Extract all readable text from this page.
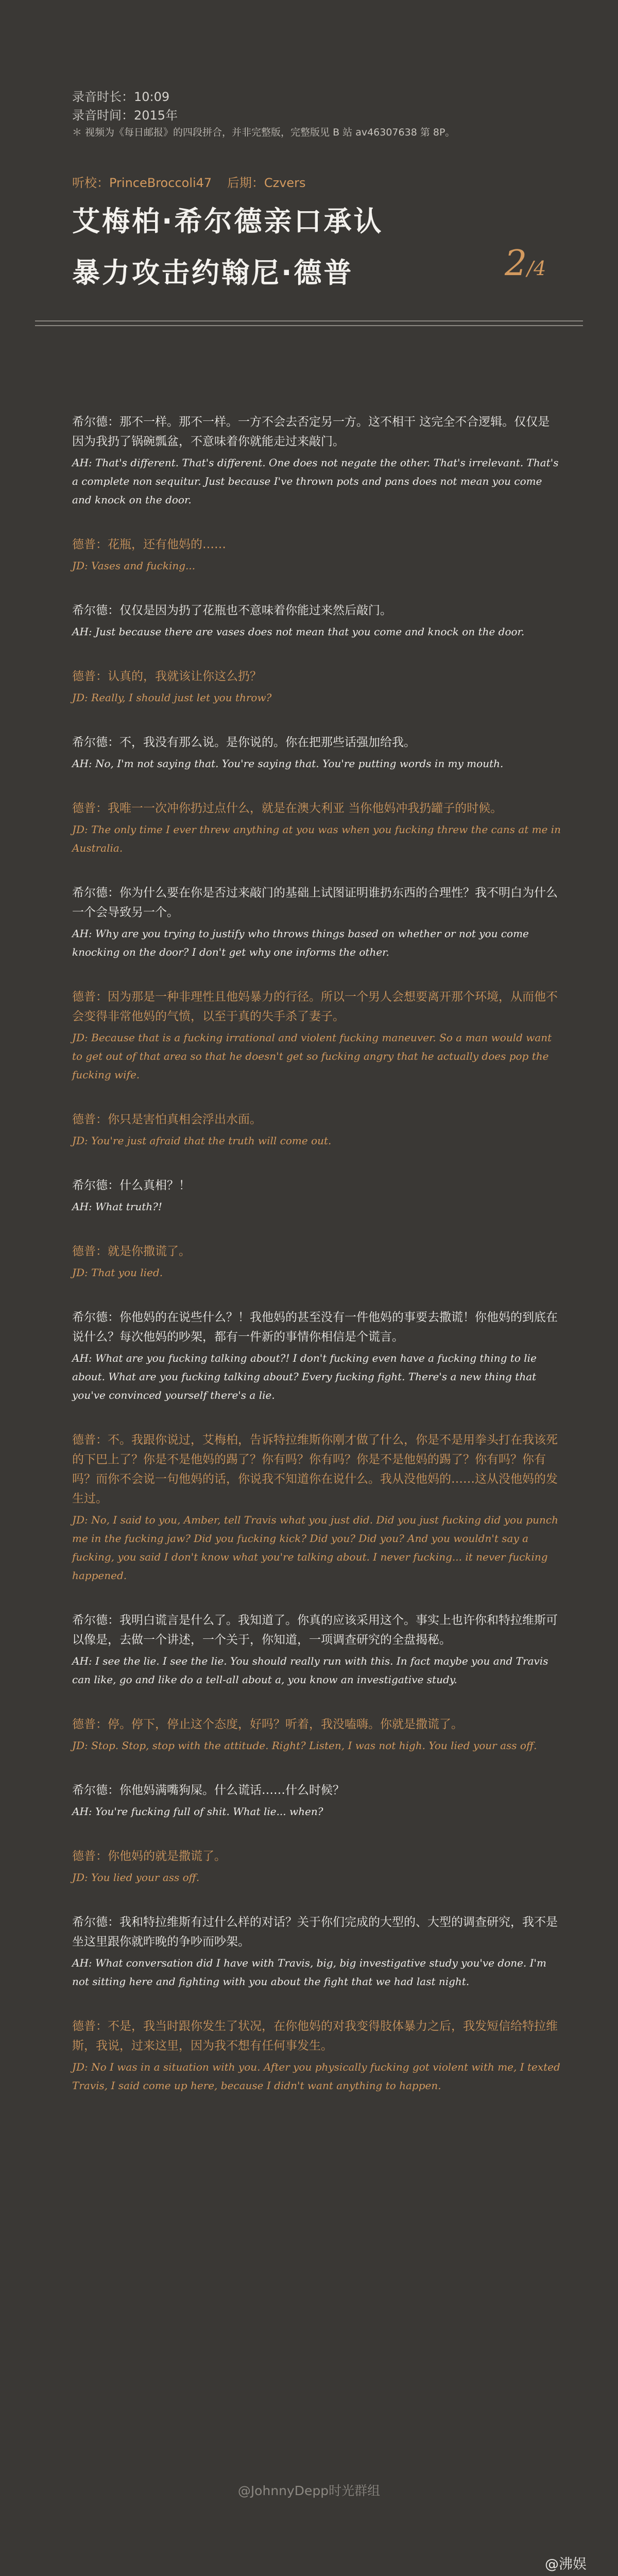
录音时长：10:09
录音时间：2015年
＊ 视频为《每日邮报》的四段拼合，并非完整版，完整版见 B 站 av46307638 第 8P。
听校：PrinceBroccoli47 后期：Czvers
艾梅柏·希尔德亲口承认
暴力攻击约翰尼·德普	2/4

希尔德：那不一样。那不一样。一方不会去否定另一方。这不相干 这完全不合逻辑。仅仅是因为我扔了锅碗瓢盆，不意味着你就能走过来敲门。

AH: That's different. That's different. One does not negate the other. That's irrelevant. That's a complete non sequitur. Just because I've thrown pots and pans does not mean you come and knock on the door.

德普：花瓶，还有他妈的……

JD: Vases and fucking...

希尔德：仅仅是因为扔了花瓶也不意味着你能过来然后敲门。

AH: Just because there are vases does not mean that you come and knock on the door.

德普：认真的，我就该让你这么扔？

JD: Really, I should just let you throw?

希尔德：不，我没有那么说。是你说的。你在把那些话强加给我。

AH: No, I'm not saying that. You're saying that. You're putting words in my mouth.

德普：我唯一一次冲你扔过点什么，就是在澳大利亚 当你他妈冲我扔罐子的时候。

JD: The only time I ever threw anything at you was when you fucking threw the cans at me in Australia.

希尔德：你为什么要在你是否过来敲门的基础上试图证明谁扔东西的合理性？我不明白为什么一个会导致另一个。

AH: Why are you trying to justify who throws things based on whether or not you come knocking on the door? I don't get why one informs the other.

德普：因为那是一种非理性且他妈暴力的行径。所以一个男人会想要离开那个环境，从而他不会变得非常他妈的气愤，以至于真的失手杀了妻子。

JD: Because that is a fucking irrational and violent fucking maneuver. So a man would want to get out of that area so that he doesn't get so fucking angry that he actually does pop the fucking wife.

德普：你只是害怕真相会浮出水面。

JD: You're just afraid that the truth will come out.

希尔德：什么真相？！

AH: What truth?!

德普：就是你撒谎了。

JD: That you lied.

希尔德：你他妈的在说些什么？！我他妈的甚至没有一件他妈的事要去撒谎！你他妈的到底在说什么？每次他妈的吵架，都有一件新的事情你相信是个谎言。

AH: What are you fucking talking about?! I don't fucking even have a fucking thing to lie about. What are you fucking talking about? Every fucking fight. There's a new thing that you've convinced yourself there's a lie.

德普：不。我跟你说过，艾梅柏，告诉特拉维斯你刚才做了什么，你是不是用拳头打在我该死的下巴上了？你是不是他妈的踢了？你有吗？你有吗？你是不是他妈的踢了？你有吗？你有吗？而你不会说一句他妈的话，你说我不知道你在说什么。我从没他妈的……这从没他妈的发生过。

JD: No, I said to you, Amber, tell Travis what you just did. Did you just fucking did you punch me in the fucking jaw? Did you fucking kick? Did you? Did you? And you wouldn't say a fucking, you said I don't know what you're talking about. I never fucking... it never fucking happened.

希尔德：我明白谎言是什么了。我知道了。你真的应该采用这个。事实上也许你和特拉维斯可以像是，去做一个讲述，一个关于，你知道，一项调查研究的全盘揭秘。

AH: I see the lie. I see the lie. You should really run with this. In fact maybe you and Travis can like, go and like do a tell-all about a, you know an investigative study.

德普：停。停下，停止这个态度，好吗？听着，我没嗑嗨。你就是撒谎了。

JD: Stop. Stop, stop with the attitude. Right? Listen, I was not high. You lied your ass off.

希尔德：你他妈满嘴狗屎。什么谎话……什么时候？

AH: You're fucking full of shit. What lie... when?

德普：你他妈的就是撒谎了。

JD: You lied your ass off.

希尔德：我和特拉维斯有过什么样的对话？关于你们完成的大型的、大型的调查研究，我不是坐这里跟你就昨晚的争吵而吵架。

AH: What conversation did I have with Travis, big, big investigative study you've done. I'm not sitting here and fighting with you about the fight that we had last night.

德普：不是，我当时跟你发生了状况，在你他妈的对我变得肢体暴力之后，我发短信给特拉维斯，我说，过来这里，因为我不想有任何事发生。

JD: No I was in a situation with you. After you physically fucking got violent with me, I texted Travis, I said come up here, because I didn't want anything to happen.

@JohnnyDepp时光群组
@沸娱
